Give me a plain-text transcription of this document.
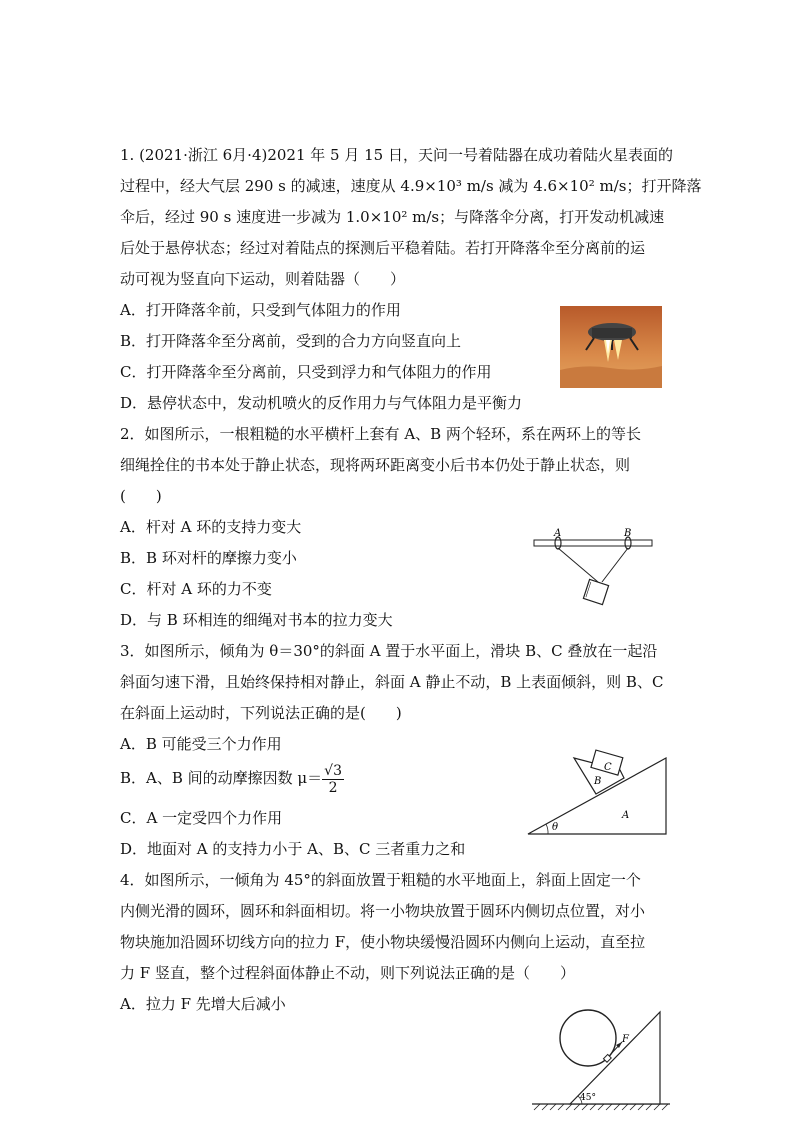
1. (2021·浙江 6月·4)2021 年 5 月 15 日，天问一号着陆器在成功着陆火星表面的
过程中，经大气层 290 s 的减速，速度从 4.9×10³ m/s 减为 4.6×10² m/s；打开降落
伞后，经过 90 s 速度进一步减为 1.0×10² m/s；与降落伞分离，打开发动机减速
后处于悬停状态；经过对着陆点的探测后平稳着陆。若打开降落伞至分离前的运
动可视为竖直向下运动，则着陆器（　　）
A．打开降落伞前，只受到气体阻力的作用
B．打开降落伞至分离前，受到的合力方向竖直向上
C．打开降落伞至分离前，只受到浮力和气体阻力的作用
D．悬停状态中，发动机喷火的反作用力与气体阻力是平衡力
2．如图所示，一根粗糙的水平横杆上套有 A、B 两个轻环，系在两环上的等长
细绳拴住的书本处于静止状态，现将两环距离变小后书本仍处于静止状态，则
(　　)
A．杆对 A 环的支持力变大
B．B 环对杆的摩擦力变小
C．杆对 A 环的力不变
D．与 B 环相连的细绳对书本的拉力变大
A	B
3．如图所示，倾角为 θ＝30°的斜面 A 置于水平面上，滑块 B、C 叠放在一起沿
斜面匀速下滑，且始终保持相对静止，斜面 A 静止不动，B 上表面倾斜，则 B、C
在斜面上运动时，下列说法正确的是(　　)
A．B 可能受三个力作用
B．A、B 间的动摩擦因数 $\mu= \frac{√3}{2}$
C．A 一定受四个力作用
D．地面对 A 的支持力小于 A、B、C 三者重力之和
θ
A
B
C
4．如图所示，一倾角为 45°的斜面放置于粗糙的水平地面上，斜面上固定一个
内侧光滑的圆环，圆环和斜面相切。将一小物块放置于圆环内侧切点位置，对小
物块施加沿圆环切线方向的拉力 F，使小物块缓慢沿圆环内侧向上运动，直至拉
力 F 竖直，整个过程斜面体静止不动，则下列说法正确的是（　　）
A．拉力 F 先增大后减小
F
45°
